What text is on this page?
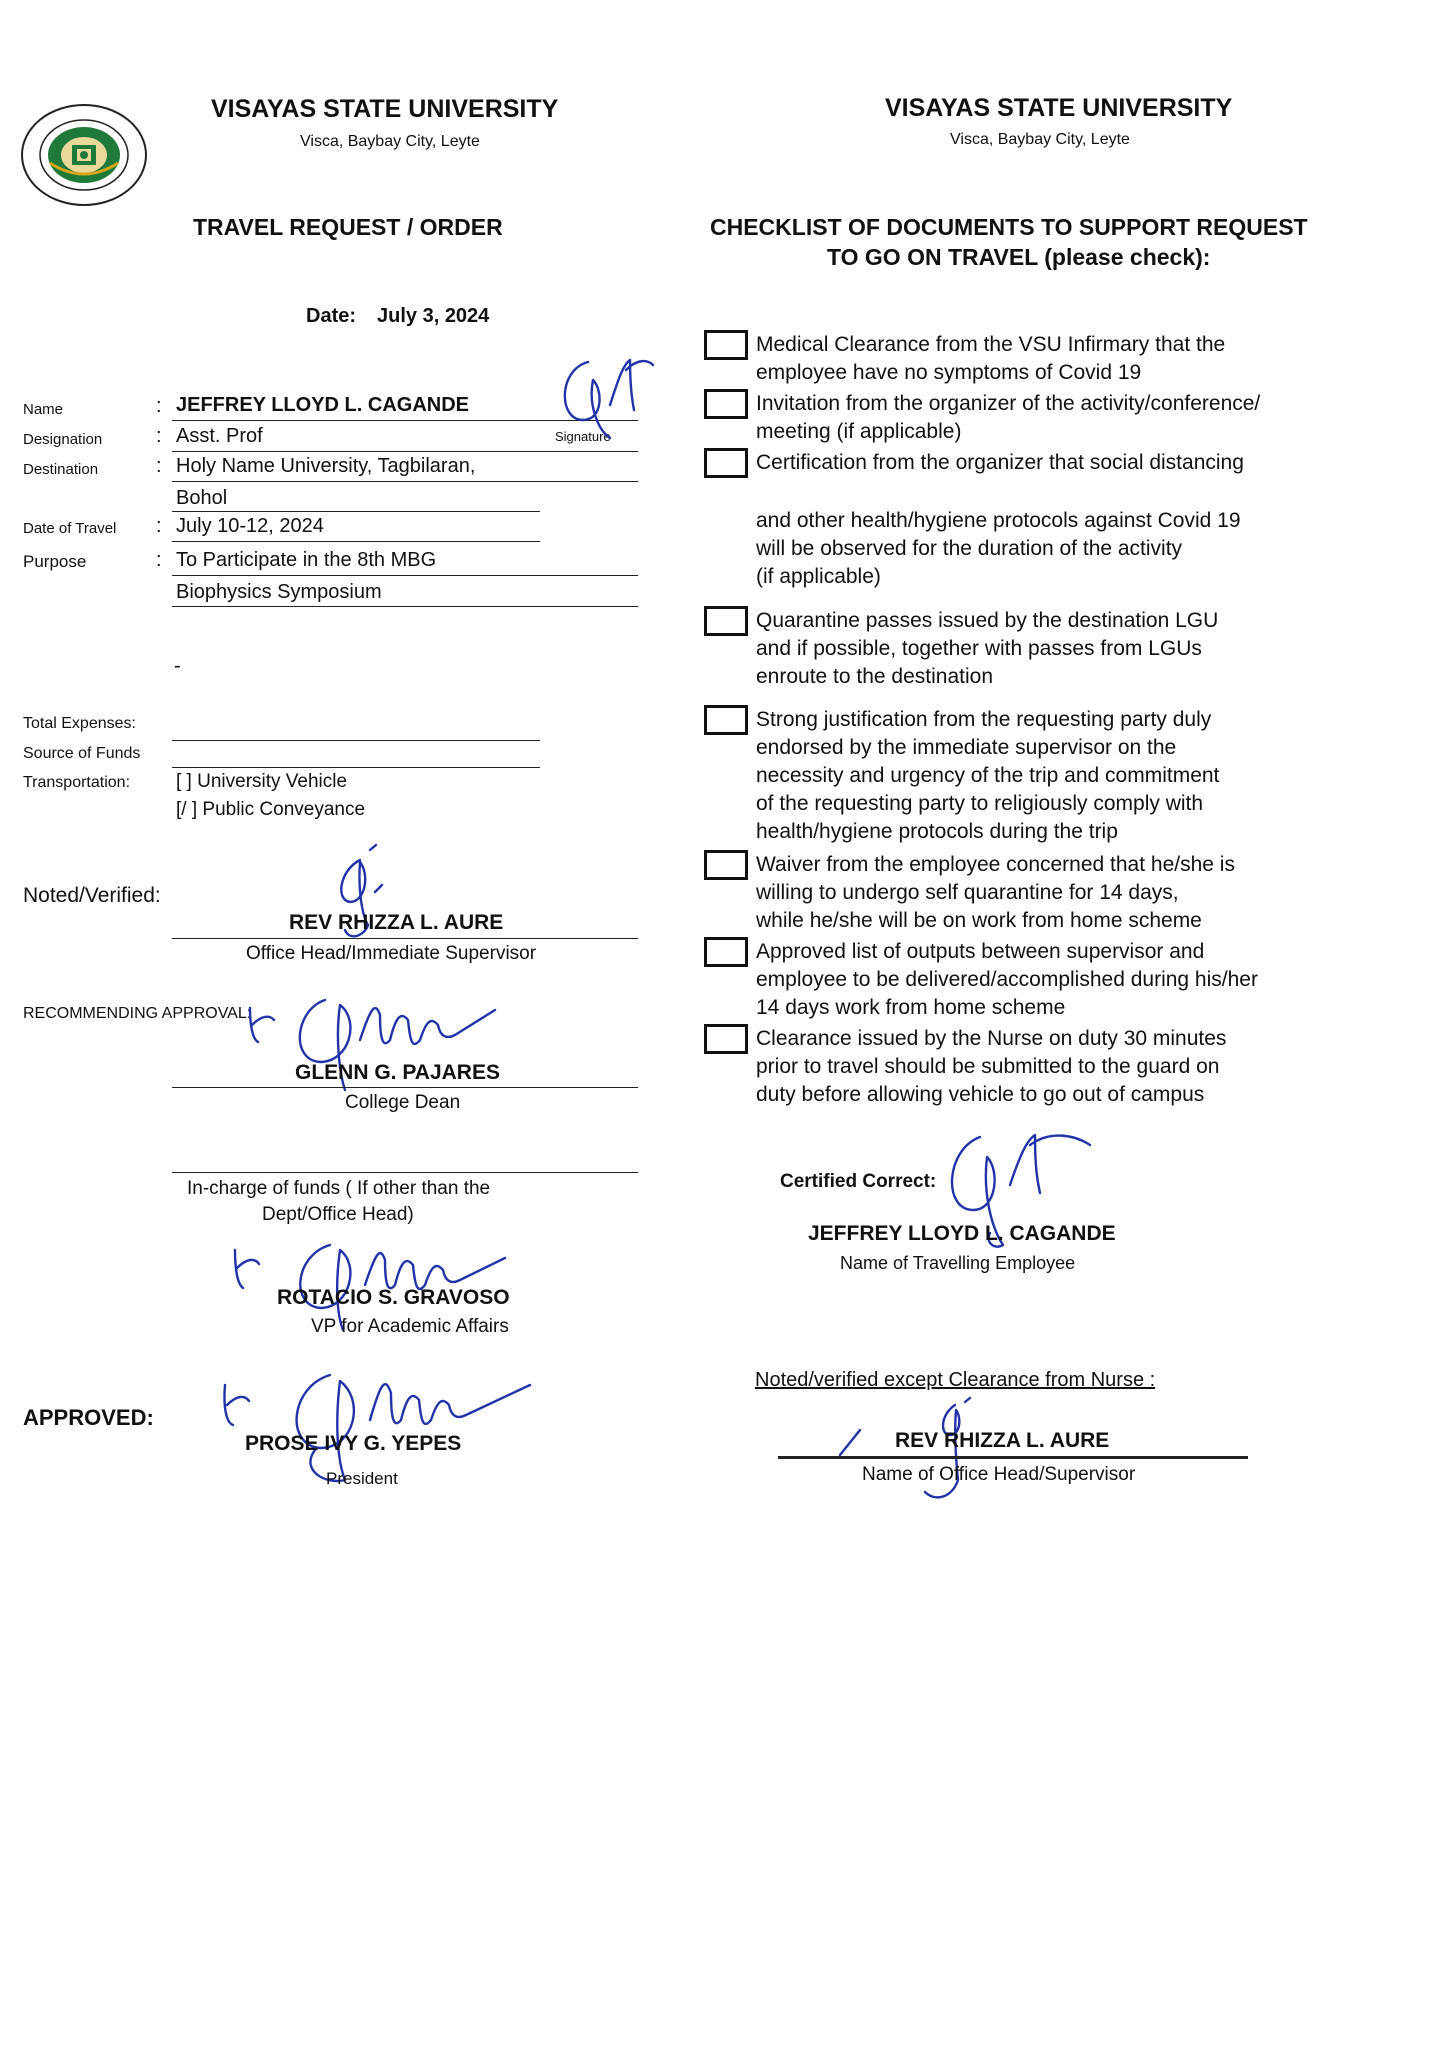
VISAYAS STATE UNIVERSITY
Visca, Baybay City, Leyte
VISAYAS STATE UNIVERSITY
Visca, Baybay City, Leyte
TRAVEL REQUEST / ORDER
Date: July 3, 2024
Name	: JEFFREY LLOYD L. CAGANDE
Signature
Designation	: Asst. Prof
Destination	: Holy Name University, Tagbilaran,
Bohol
Date of Travel : July 10-12, 2024
Purpose	: To Participate in the 8th MBG
Biophysics Symposium
-
Total Expenses:
Source of Funds
Transportation: [ ] University Vehicle
[/ ] Public Conveyance
Noted/Verified:
REV RHIZZA L. AURE
Office Head/Immediate Supervisor
RECOMMENDING APPROVAL:
GLENN G. PAJARES
College Dean
In-charge of funds ( If other than the
Dept/Office Head)
ROTACIO S. GRAVOSO
VP for Academic Affairs
APPROVED:
PROSE IVY G. YEPES
President
CHECKLIST OF DOCUMENTS TO SUPPORT REQUEST
TO GO ON TRAVEL (please check):
Medical Clearance from the VSU Infirmary that the
employee have no symptoms of Covid 19
Invitation from the organizer of the activity/conference/
meeting (if applicable)
Certification from the organizer that social distancing
and other health/hygiene protocols against Covid 19
will be observed for the duration of the activity
(if applicable)
Quarantine passes issued by the destination LGU
and if possible, together with passes from LGUs
enroute to the destination
Strong justification from the requesting party duly
endorsed by the immediate supervisor on the
necessity and urgency of the trip and commitment
of the requesting party to religiously comply with
health/hygiene protocols during the trip
Waiver from the employee concerned that he/she is
willing to undergo self quarantine for 14 days,
while he/she will be on work from home scheme
Approved list of outputs between supervisor and
employee to be delivered/accomplished during his/her
14 days work from home scheme
Clearance issued by the Nurse on duty 30 minutes
prior to travel should be submitted to the guard on
duty before allowing vehicle to go out of campus
Certified Correct:
JEFFREY LLOYD L. CAGANDE
Name of Travelling Employee
Noted/verified except Clearance from Nurse :
REV RHIZZA L. AURE
Name of Office Head/Supervisor
